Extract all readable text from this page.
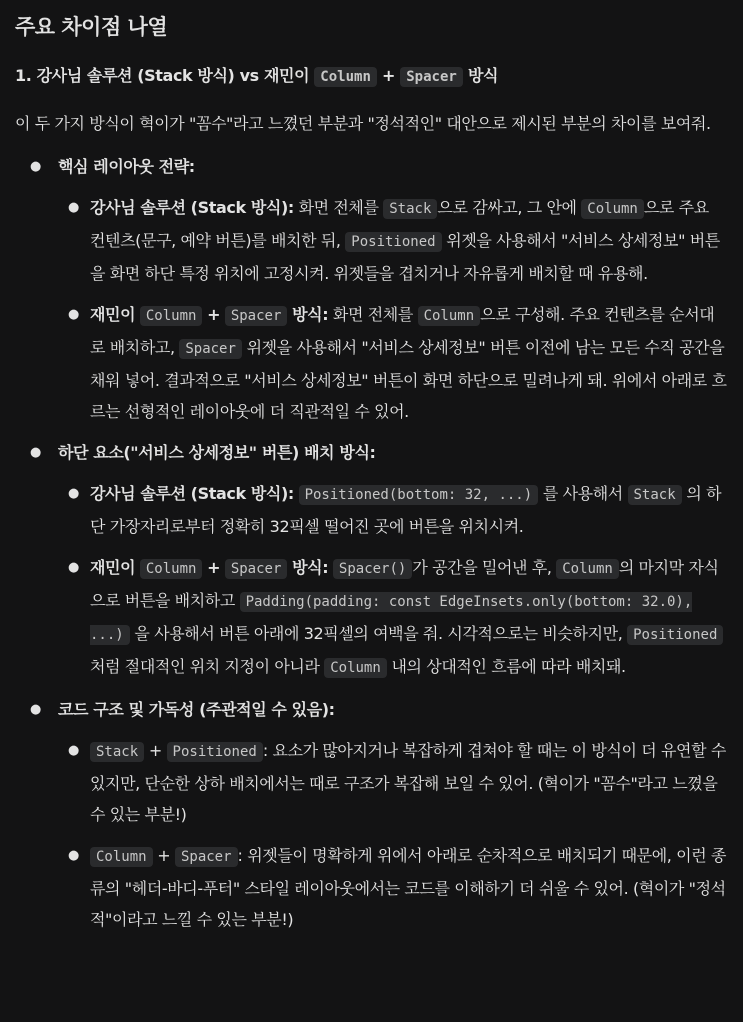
주요 차이점 나열
1. 강사님 솔루션 (Stack 방식) vs 재민이 Column + Spacer 방식

이 두 가지 방식이 혁이가 "꼼수"라고 느꼈던 부분과 "정석적인" 대안으로 제시된 부분의 차이를 보여줘.

● 핵심 레이아웃 전략:
● 강사님 솔루션 (Stack 방식): 화면 전체를 Stack 으로 감싸고, 그 안에 Column 으로 주요 컨텐츠(문구, 예약 버튼)를 배치한 뒤, Positioned 위젯을 사용해서 "서비스 상세정보" 버튼을 화면 하단 특정 위치에 고정시켜. 위젯들을 겹치거나 자유롭게 배치할 때 유용해.
● 재민이 Column + Spacer 방식: 화면 전체를 Column 으로 구성해. 주요 컨텐츠를 순서대로 배치하고, Spacer 위젯을 사용해서 "서비스 상세정보" 버튼 이전에 남는 모든 수직 공간을 채워 넣어. 결과적으로 "서비스 상세정보" 버튼이 화면 하단으로 밀려나게 돼. 위에서 아래로 흐르는 선형적인 레이아웃에 더 직관적일 수 있어.
● 하단 요소("서비스 상세정보" 버튼) 배치 방식:
● 강사님 솔루션 (Stack 방식): Positioned(bottom: 32, ...) 를 사용해서 Stack 의 하단 가장자리로부터 정확히 32픽셀 떨어진 곳에 버튼을 위치시켜.
● 재민이 Column + Spacer 방식: Spacer() 가 공간을 밀어낸 후, Column 의 마지막 자식으로 버튼을 배치하고 Padding(padding: const EdgeInsets.only(bottom: 32.0), ...) 을 사용해서 버튼 아래에 32픽셀의 여백을 줘. 시각적으로는 비슷하지만, Positioned처럼 절대적인 위치 지정이 아니라 Column 내의 상대적인 흐름에 따라 배치돼.
● 코드 구조 및 가독성 (주관적일 수 있음):
● Stack + Positioned : 요소가 많아지거나 복잡하게 겹쳐야 할 때는 이 방식이 더 유연할 수 있지만, 단순한 상하 배치에서는 때로 구조가 복잡해 보일 수 있어. (혁이가 "꼼수"라고 느꼈을 수 있는 부분!)
● Column + Spacer : 위젯들이 명확하게 위에서 아래로 순차적으로 배치되기 때문에, 이런 종류의 "헤더-바디-푸터" 스타일 레이아웃에서는 코드를 이해하기 더 쉬울 수 있어. (혁이가 "정석적"이라고 느낄 수 있는 부분!)
